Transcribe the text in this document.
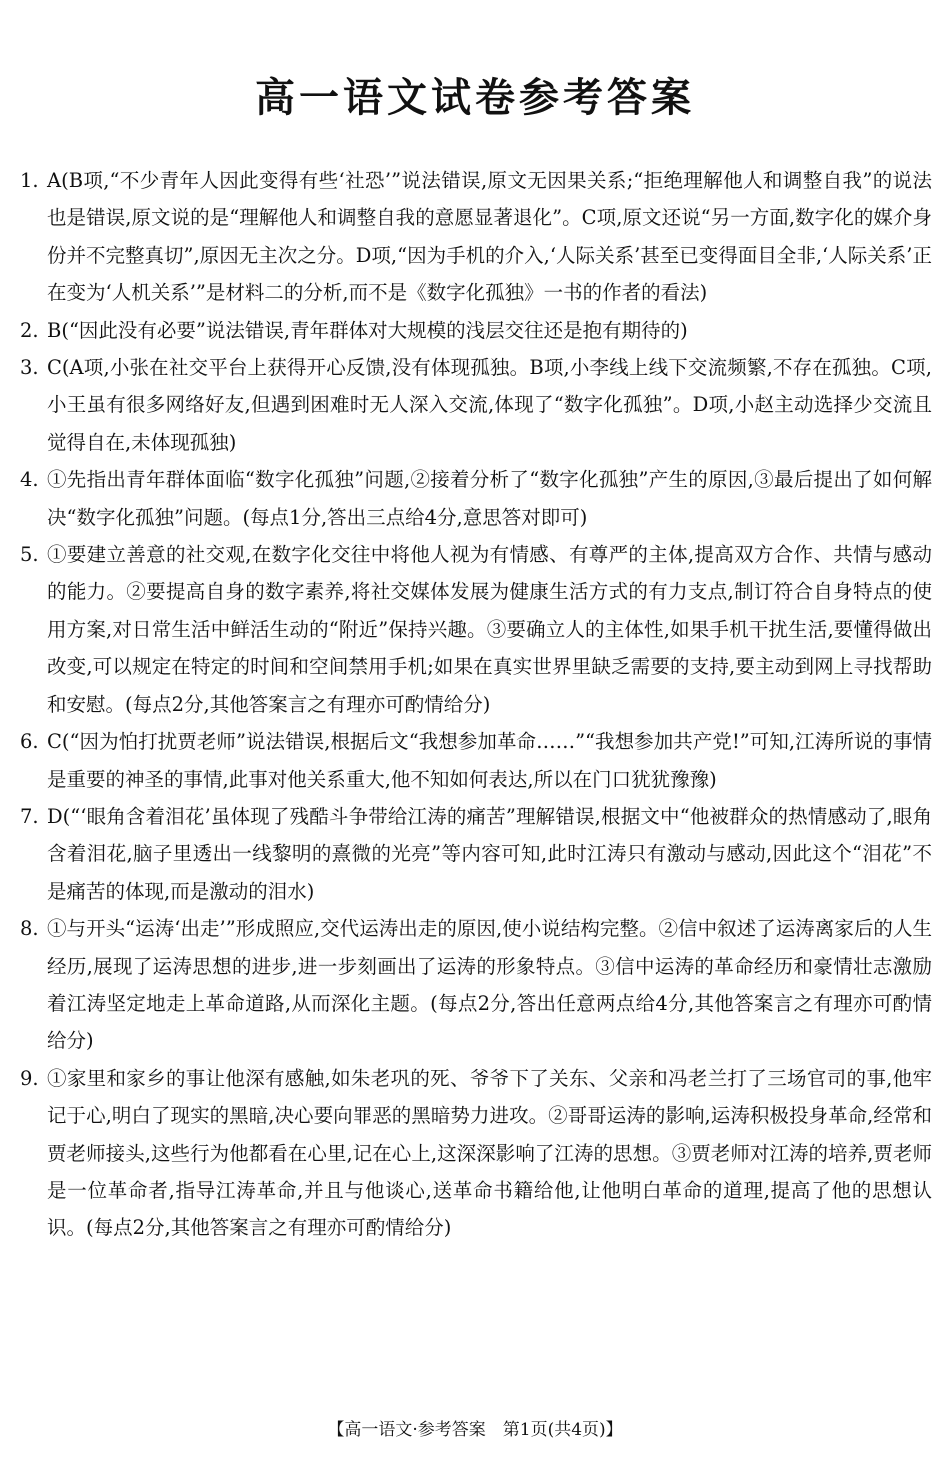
高一语文试卷参考答案
1. A(B项,“不少青年人因此变得有些‘社恐’”说法错误,原文无因果关系;“拒绝理解他人和调整自我”的说法也是错误,原文说的是“理解他人和调整自我的意愿显著退化”。C项,原文还说“另一方面,数字化的媒介身份并不完整真切”,原因无主次之分。D项,“因为手机的介入,‘人际关系’甚至已变得面目全非,‘人际关系’正在变为‘人机关系’”是材料二的分析,而不是《数字化孤独》一书的作者的看法)
2. B(“因此没有必要”说法错误,青年群体对大规模的浅层交往还是抱有期待的)
3. C(A项,小张在社交平台上获得开心反馈,没有体现孤独。B项,小李线上线下交流频繁,不存在孤独。C项,小王虽有很多网络好友,但遇到困难时无人深入交流,体现了“数字化孤独”。D项,小赵主动选择少交流且觉得自在,未体现孤独)
4. ①先指出青年群体面临“数字化孤独”问题,②接着分析了“数字化孤独”产生的原因,③最后提出了如何解决“数字化孤独”问题。(每点1分,答出三点给4分,意思答对即可)
5. ①要建立善意的社交观,在数字化交往中将他人视为有情感、有尊严的主体,提高双方合作、共情与感动的能力。②要提高自身的数字素养,将社交媒体发展为健康生活方式的有力支点,制订符合自身特点的使用方案,对日常生活中鲜活生动的“附近”保持兴趣。③要确立人的主体性,如果手机干扰生活,要懂得做出改变,可以规定在特定的时间和空间禁用手机;如果在真实世界里缺乏需要的支持,要主动到网上寻找帮助和安慰。(每点2分,其他答案言之有理亦可酌情给分)
6. C(“因为怕打扰贾老师”说法错误,根据后文“我想参加革命……”“我想参加共产党!”可知,江涛所说的事情是重要的神圣的事情,此事对他关系重大,他不知如何表达,所以在门口犹犹豫豫)
7. D(“‘眼角含着泪花’虽体现了残酷斗争带给江涛的痛苦”理解错误,根据文中“他被群众的热情感动了,眼角含着泪花,脑子里透出一线黎明的熹微的光亮”等内容可知,此时江涛只有激动与感动,因此这个“泪花”不是痛苦的体现,而是激动的泪水)
8. ①与开头“运涛‘出走’”形成照应,交代运涛出走的原因,使小说结构完整。②信中叙述了运涛离家后的人生经历,展现了运涛思想的进步,进一步刻画出了运涛的形象特点。③信中运涛的革命经历和豪情壮志激励着江涛坚定地走上革命道路,从而深化主题。(每点2分,答出任意两点给4分,其他答案言之有理亦可酌情给分)
9. ①家里和家乡的事让他深有感触,如朱老巩的死、爷爷下了关东、父亲和冯老兰打了三场官司的事,他牢记于心,明白了现实的黑暗,决心要向罪恶的黑暗势力进攻。②哥哥运涛的影响,运涛积极投身革命,经常和贾老师接头,这些行为他都看在心里,记在心上,这深深影响了江涛的思想。③贾老师对江涛的培养,贾老师是一位革命者,指导江涛革命,并且与他谈心,送革命书籍给他,让他明白革命的道理,提高了他的思想认识。(每点2分,其他答案言之有理亦可酌情给分)
【高一语文·参考答案　第1页(共4页)】
